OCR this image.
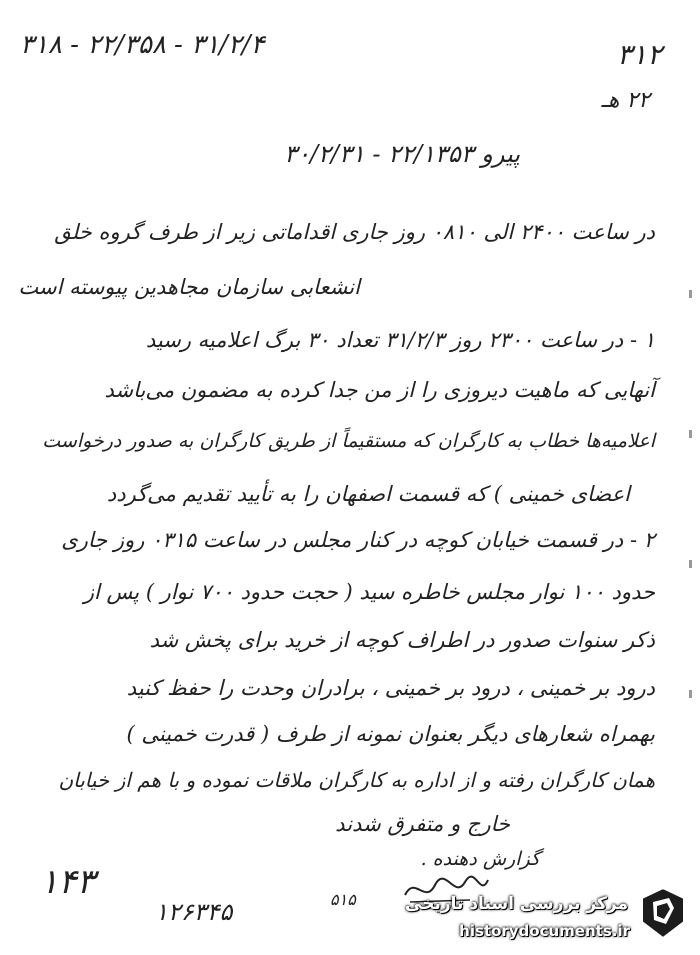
۳۱۸ ‑ ۲۲/۳۵۸ ‑ ۳۱/۲/۴	۳۱۲
۲۲ هـ
پیرو ۲۲/۱۳۵۳ ‑ ۳۰/۲/۳۱
در ساعت ۲۴۰۰ الی ۰۸۱۰ روز جاری اقداماتی زیر از طرف گروه خلق
انشعابی سازمان مجاهدین پیوسته است
۱ ‑ در ساعت ۲۳۰۰ روز ۳۱/۲/۳ تعداد ۳۰ برگ اعلامیه رسید
آنهایی که ماهیت دیروزی را از من جدا کرده به مضمون می‌باشد
اعلامیه‌ها خطاب به کارگران که مستقیماً از طریق کارگران به صدور درخواست
اعضای خمینی ) که قسمت اصفهان را به تأیید تقدیم می‌گردد
۲ ‑ در قسمت خیابان کوچه در کنار مجلس در ساعت ۰۳۱۵ روز جاری
حدود ۱۰۰ نوار مجلس خاطره سید ( حجت حدود ۷۰۰ نوار ) پس از
ذکر سنوات صدور در اطراف کوچه از خرید برای پخش شد
درود بر خمینی ، درود بر خمینی ، برادران وحدت را حفظ کنید
بهمراه شعارهای دیگر بعنوان نمونه از طرف ( قدرت خمینی )
همان کارگران رفته و از اداره به کارگران ملاقات نموده و با هم از خیابان
خارج و متفرق شدند
گزارش دهنده .
۱۴۳
۱۲۶۳۴۵	۵۱۵	مرکز بررسی اسناد تاریخی
historydocuments.ir
